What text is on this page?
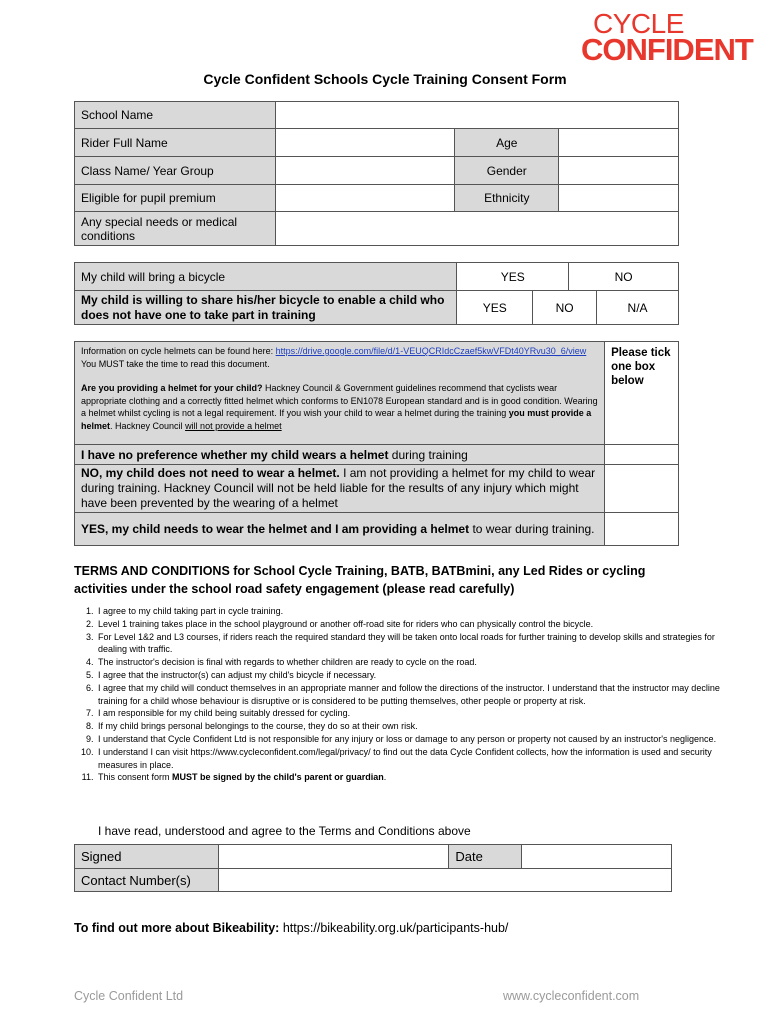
CYCLE
CONFIDENT
Cycle Confident Schools Cycle Training Consent Form
School Name			
Rider Full Name		Age	
Class Name/ Year Group		Gender	
Eligible for pupil premium		Ethnicity	
Any special needs or medical conditions			
My child will bring a bicycle	YES		NO	
My child is willing to share his/her bicycle to enable a child who does not have one to take part in training	YES	NO		N/A
Information on cycle helmets can be found here: https://drive.google.com/file/d/1-VEUQCRIdcCzaef5kwVFDt40YRvu30_6/view You MUST take the time to read this document.
Are you providing a helmet for your child? Hackney Council & Government guidelines recommend that cyclists wear appropriate clothing and a correctly fitted helmet which conforms to EN1078 European standard and is in good condition. Wearing a helmet whilst cycling is not a legal requirement. If you wish your child to wear a helmet during the training you must provide a helmet. Hackney Council will not provide a helmet	Please tick one box below
I have no preference whether my child wears a helmet during training	
NO, my child does not need to wear a helmet. I am not providing a helmet for my child to wear during training. Hackney Council will not be held liable for the results of any injury which might have been prevented by the wearing of a helmet	
YES, my child needs to wear the helmet and I am providing a helmet to wear during training.	
TERMS AND CONDITIONS for School Cycle Training, BATB, BATBmini, any Led Rides or cycling activities under the school road safety engagement (please read carefully)
1. I agree to my child taking part in cycle training.
2. Level 1 training takes place in the school playground or another off-road site for riders who can physically control the bicycle.
3. For Level 1&2 and L3 courses, if riders reach the required standard they will be taken onto local roads for further training to develop skills and strategies for dealing with traffic.
4. The instructor's decision is final with regards to whether children are ready to cycle on the road.
5. I agree that the instructor(s) can adjust my child's bicycle if necessary.
6. I agree that my child will conduct themselves in an appropriate manner and follow the directions of the instructor. I understand that the instructor may decline training for a child whose behaviour is disruptive or is considered to be putting themselves, other people or property at risk.
7. I am responsible for my child being suitably dressed for cycling.
8. If my child brings personal belongings to the course, they do so at their own risk.
9. I understand that Cycle Confident Ltd is not responsible for any injury or loss or damage to any person or property not caused by an instructor's negligence.
10. I understand I can visit https://www.cycleconfident.com/legal/privacy/ to find out the data Cycle Confident collects, how the information is used and security measures in place.
11. This consent form MUST be signed by the child's parent or guardian.
I have read, understood and agree to the Terms and Conditions above
Signed		Date	
Contact Number(s)			
To find out more about Bikeability: https://bikeability.org.uk/participants-hub/
Cycle Confident Ltd	www.cycleconfident.com
